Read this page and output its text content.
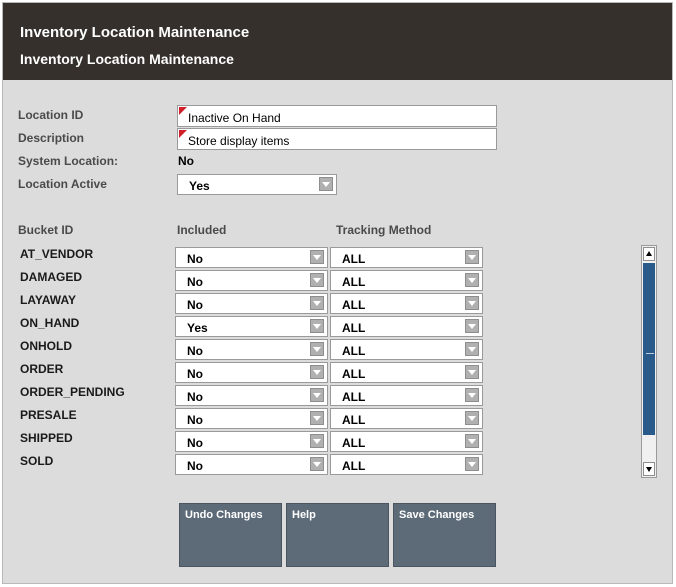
Inventory Location Maintenance
Inventory Location Maintenance
Location ID	Inactive On Hand
Description	Store display items
System Location:	No
Location Active	Yes
Bucket ID	Included	Tracking Method
AT_VENDOR	No	ALL
DAMAGED	No	ALL
LAYAWAY	No	ALL
ON_HAND	Yes	ALL
ONHOLD	No	ALL
ORDER	No	ALL
ORDER_PENDING	No	ALL
PRESALE	No	ALL
SHIPPED	No	ALL
SOLD	No	ALL
Undo Changes	Help	Save Changes
